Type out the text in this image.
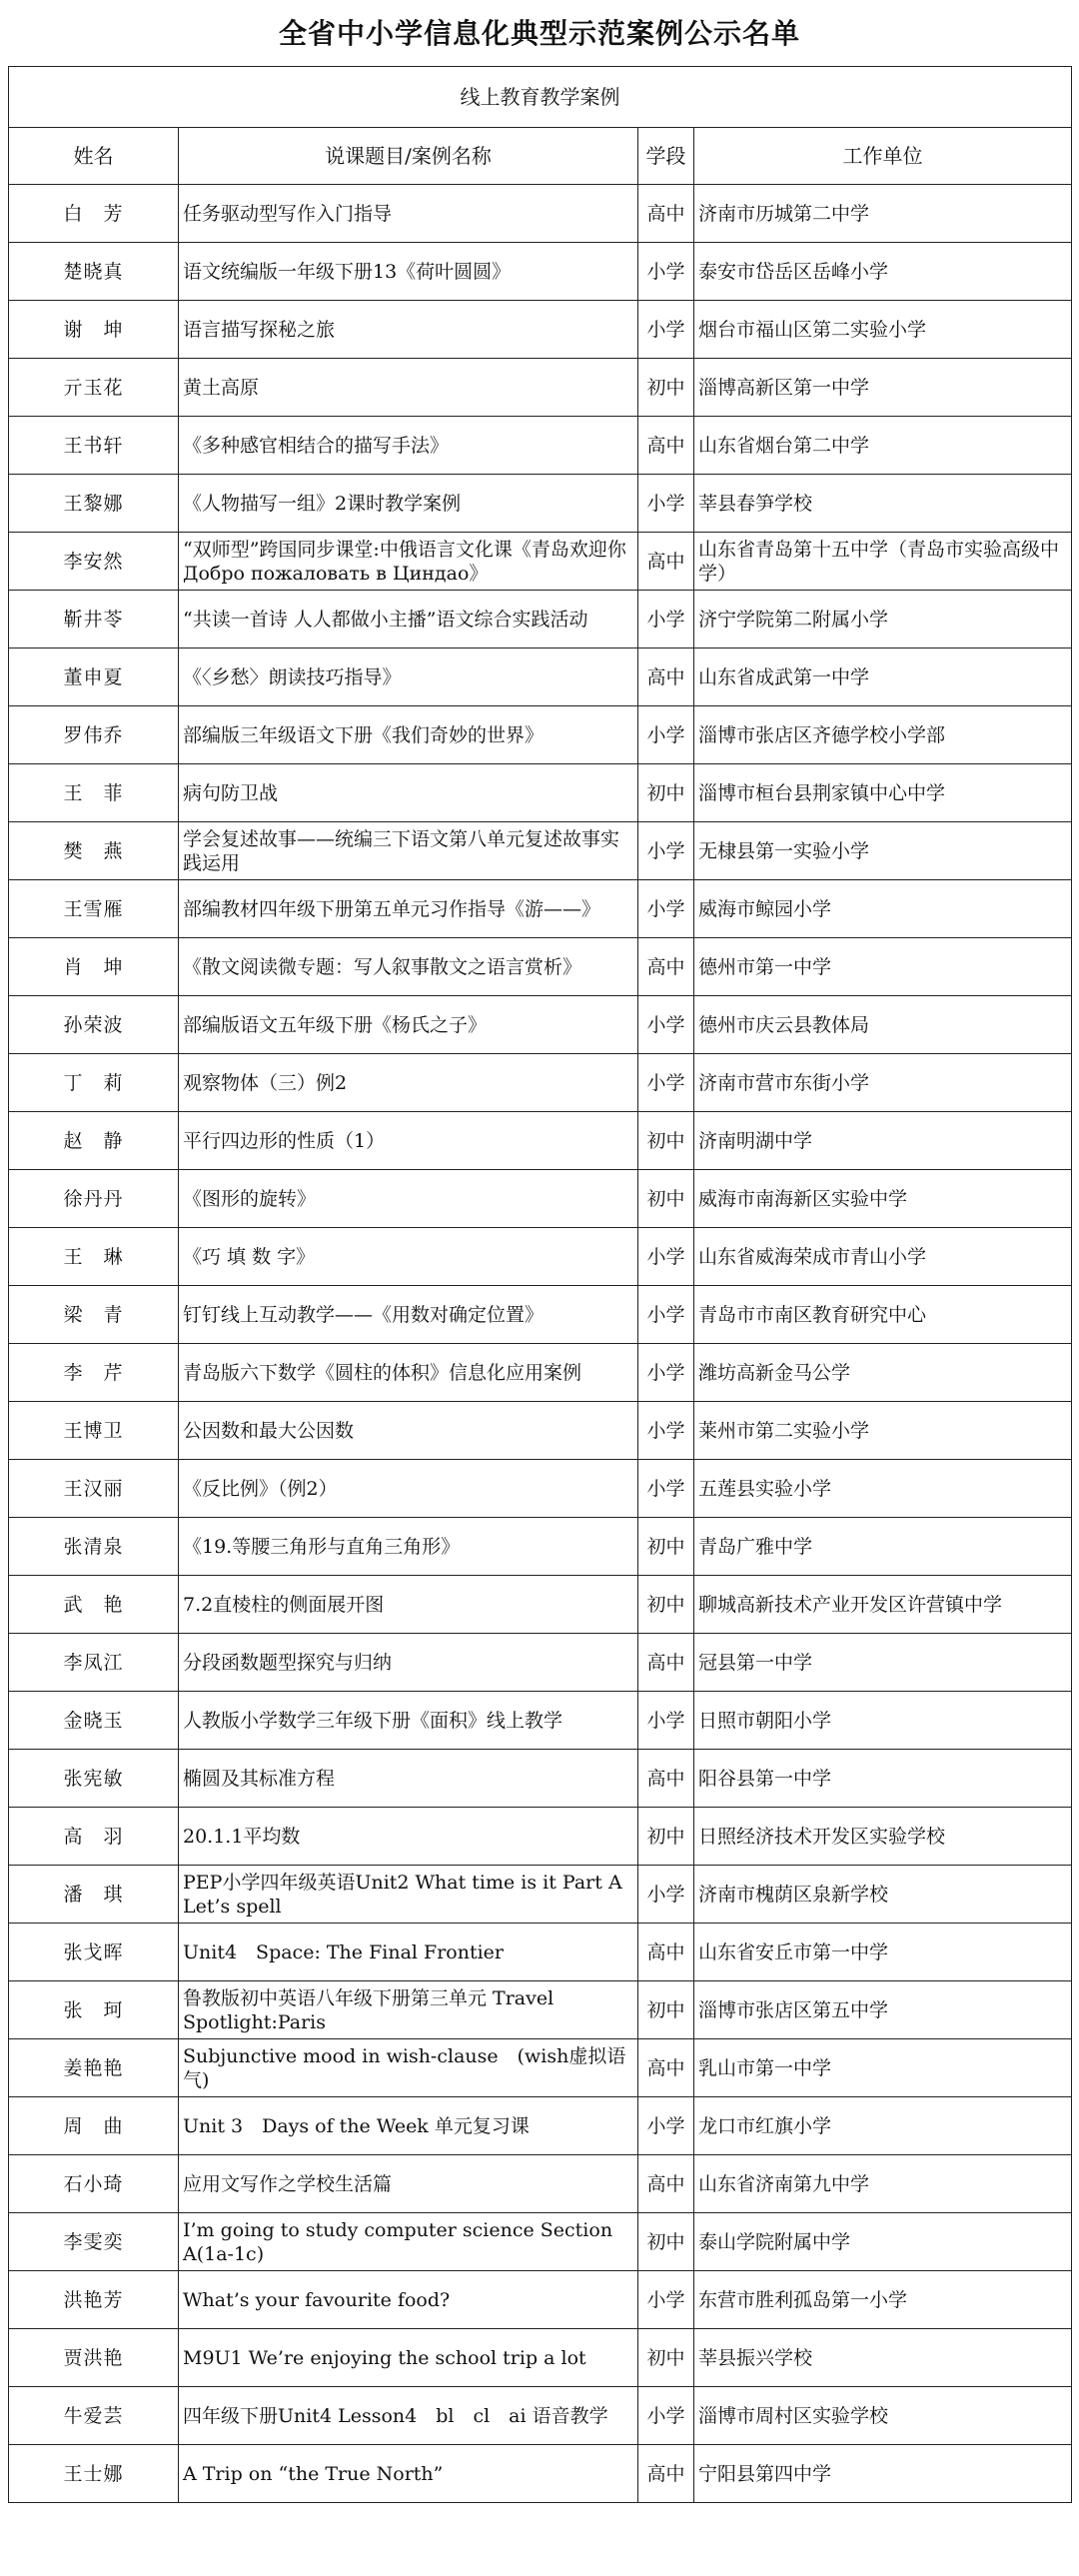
全省中小学信息化典型示范案例公示名单
线上教育教学案例			
姓名	说课题目/案例名称	学段	工作单位
白　芳	任务驱动型写作入门指导	高中	济南市历城第二中学
楚晓真	语文统编版一年级下册13《荷叶圆圆》	小学	泰安市岱岳区岳峰小学
谢　坤	语言描写探秘之旅	小学	烟台市福山区第二实验小学
亓玉花	黄土高原	初中	淄博高新区第一中学
王书轩	《多种感官相结合的描写手法》	高中	山东省烟台第二中学
王黎娜	《人物描写一组》2课时教学案例	小学	莘县春笋学校
李安然	“双师型”跨国同步课堂:中俄语言文化课《青岛欢迎你 Добро пожаловать в Циндао》	高中	山东省青岛第十五中学（青岛市实验高级中学）
靳井苓	“共读一首诗 人人都做小主播”语文综合实践活动	小学	济宁学院第二附属小学
董申夏	《〈乡愁〉朗读技巧指导》	高中	山东省成武第一中学
罗伟乔	部编版三年级语文下册《我们奇妙的世界》	小学	淄博市张店区齐德学校小学部
王　菲	病句防卫战	初中	淄博市桓台县荆家镇中心中学
樊　燕	学会复述故事——统编三下语文第八单元复述故事实践运用	小学	无棣县第一实验小学
王雪雁	部编教材四年级下册第五单元习作指导《游——》	小学	威海市鲸园小学
肖　坤	《散文阅读微专题：写人叙事散文之语言赏析》	高中	德州市第一中学
孙荣波	部编版语文五年级下册《杨氏之子》	小学	德州市庆云县教体局
丁　莉	观察物体（三）例2	小学	济南市营市东街小学
赵　静	平行四边形的性质（1）	初中	济南明湖中学
徐丹丹	《图形的旋转》	初中	威海市南海新区实验中学
王　琳	《巧 填 数 字》	小学	山东省威海荣成市青山小学
梁　青	钉钉线上互动教学——《用数对确定位置》	小学	青岛市市南区教育研究中心
李　芹	青岛版六下数学《圆柱的体积》信息化应用案例	小学	潍坊高新金马公学
王博卫	公因数和最大公因数	小学	莱州市第二实验小学
王汉丽	《反比例》（例2）	小学	五莲县实验小学
张清泉	《19.等腰三角形与直角三角形》	初中	青岛广雅中学
武　艳	7.2直棱柱的侧面展开图	初中	聊城高新技术产业开发区许营镇中学
李凤江	分段函数题型探究与归纳	高中	冠县第一中学
金晓玉	人教版小学数学三年级下册《面积》线上教学	小学	日照市朝阳小学
张宪敏	椭圆及其标准方程	高中	阳谷县第一中学
高　羽	20.1.1平均数	初中	日照经济技术开发区实验学校
潘　琪	PEP小学四年级英语Unit2 What time is it Part A Let’s spell	小学	济南市槐荫区泉新学校
张戈晖	Unit4　Space: The Final Frontier	高中	山东省安丘市第一中学
张　珂	鲁教版初中英语八年级下册第三单元 Travel Spotlight:Paris	初中	淄博市张店区第五中学
姜艳艳	Subjunctive mood in wish-clause　(wish虚拟语气)	高中	乳山市第一中学
周　曲	Unit 3　Days of the Week 单元复习课	小学	龙口市红旗小学
石小琦	应用文写作之学校生活篇	高中	山东省济南第九中学
李雯奕	I’m going to study computer science Section A(1a-1c)	初中	泰山学院附属中学
洪艳芳	What’s your favourite food?	小学	东营市胜利孤岛第一小学
贾洪艳	M9U1 We’re enjoying the school trip a lot	初中	莘县振兴学校
牛爱芸	四年级下册Unit4 Lesson4　bl　cl　ai 语音教学	小学	淄博市周村区实验学校
王士娜	A Trip on “the True North”	高中	宁阳县第四中学
